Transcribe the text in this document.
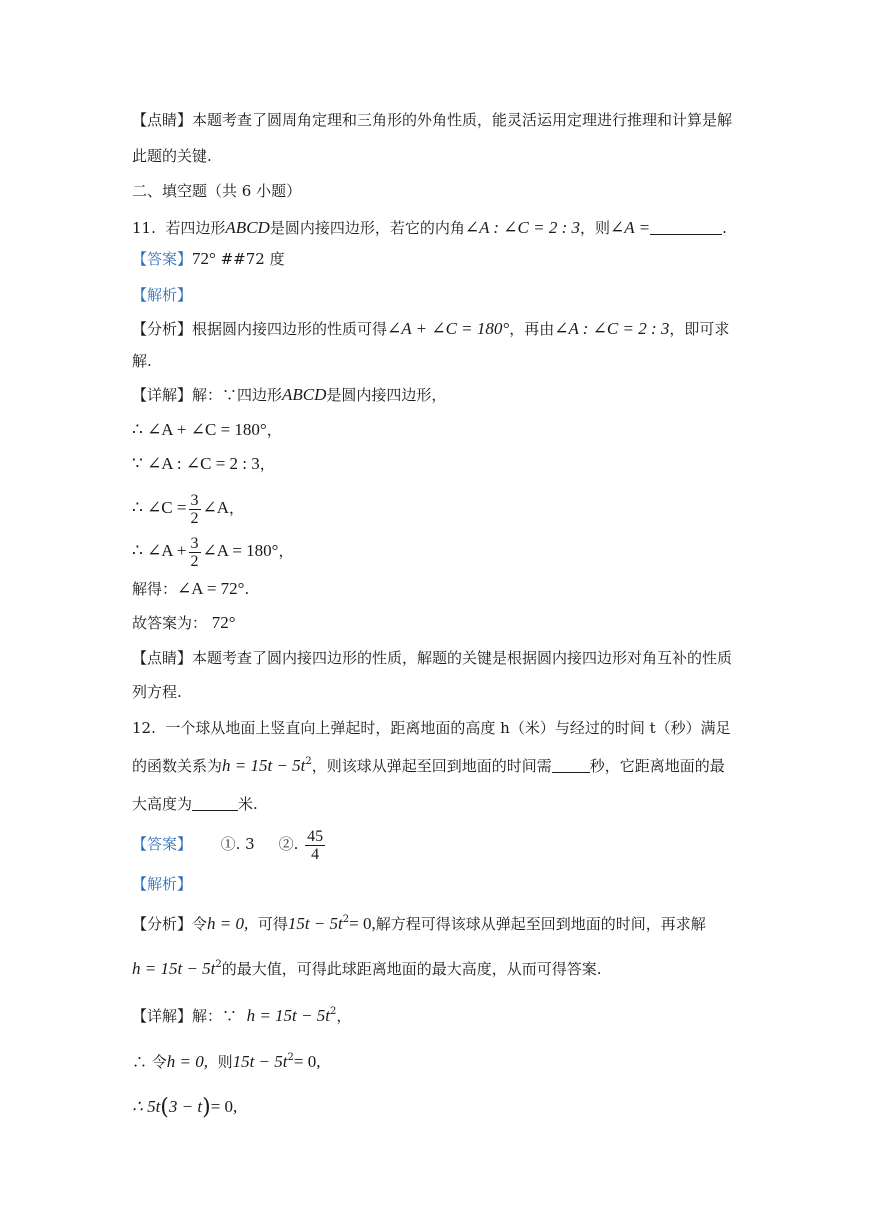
【点睛】本题考查了圆周角定理和三角形的外角性质，能灵活运用定理进行推理和计算是解
此题的关键.
二、填空题（共 6 小题）
11. 若四边形ABCD是圆内接四边形，若它的内角∠A : ∠C = 2 : 3，则∠A =	.
【答案】72° ##72 度
【解析】
【分析】根据圆内接四边形的性质可得∠A + ∠C = 180°，再由∠A : ∠C = 2 : 3，即可求
解.
【详解】解：∵四边形ABCD是圆内接四边形，
∴ ∠A + ∠C = 180°，
∵ ∠A : ∠C = 2 : 3，
∴ ∠C = $\frac{3}{2}$ ∠A，
∴ ∠A + $\frac{3}{2}$ ∠A = 180°，
解得：∠A = 72°.
故答案为： 72°
【点睛】本题考查了圆内接四边形的性质，解题的关键是根据圆内接四边形对角互补的性质
列方程.
12. 一个球从地面上竖直向上弹起时，距离地面的高度 h（米）与经过的时间 t（秒）满足
的函数关系为$h = 15t - 5t^2$，则该球从弹起至回到地面的时间需	秒，它距离地面的最
大高度为	米.
【答案】 ①. 3 ②. $\frac{45}{4}$
【解析】
【分析】令h = 0, 可得$15t - 5t^2= 0$,解方程可得该球从弹起至回到地面的时间，再求解
$h = 15t - 5t^2$的最大值，可得此球距离地面的最大高度，从而可得答案.
【详解】解：∵ $h = 15t - 5t^2$，
∴ 令h = 0, 则$15t - 5t^2= 0$,
∴ 5t(3 − t)= 0,
